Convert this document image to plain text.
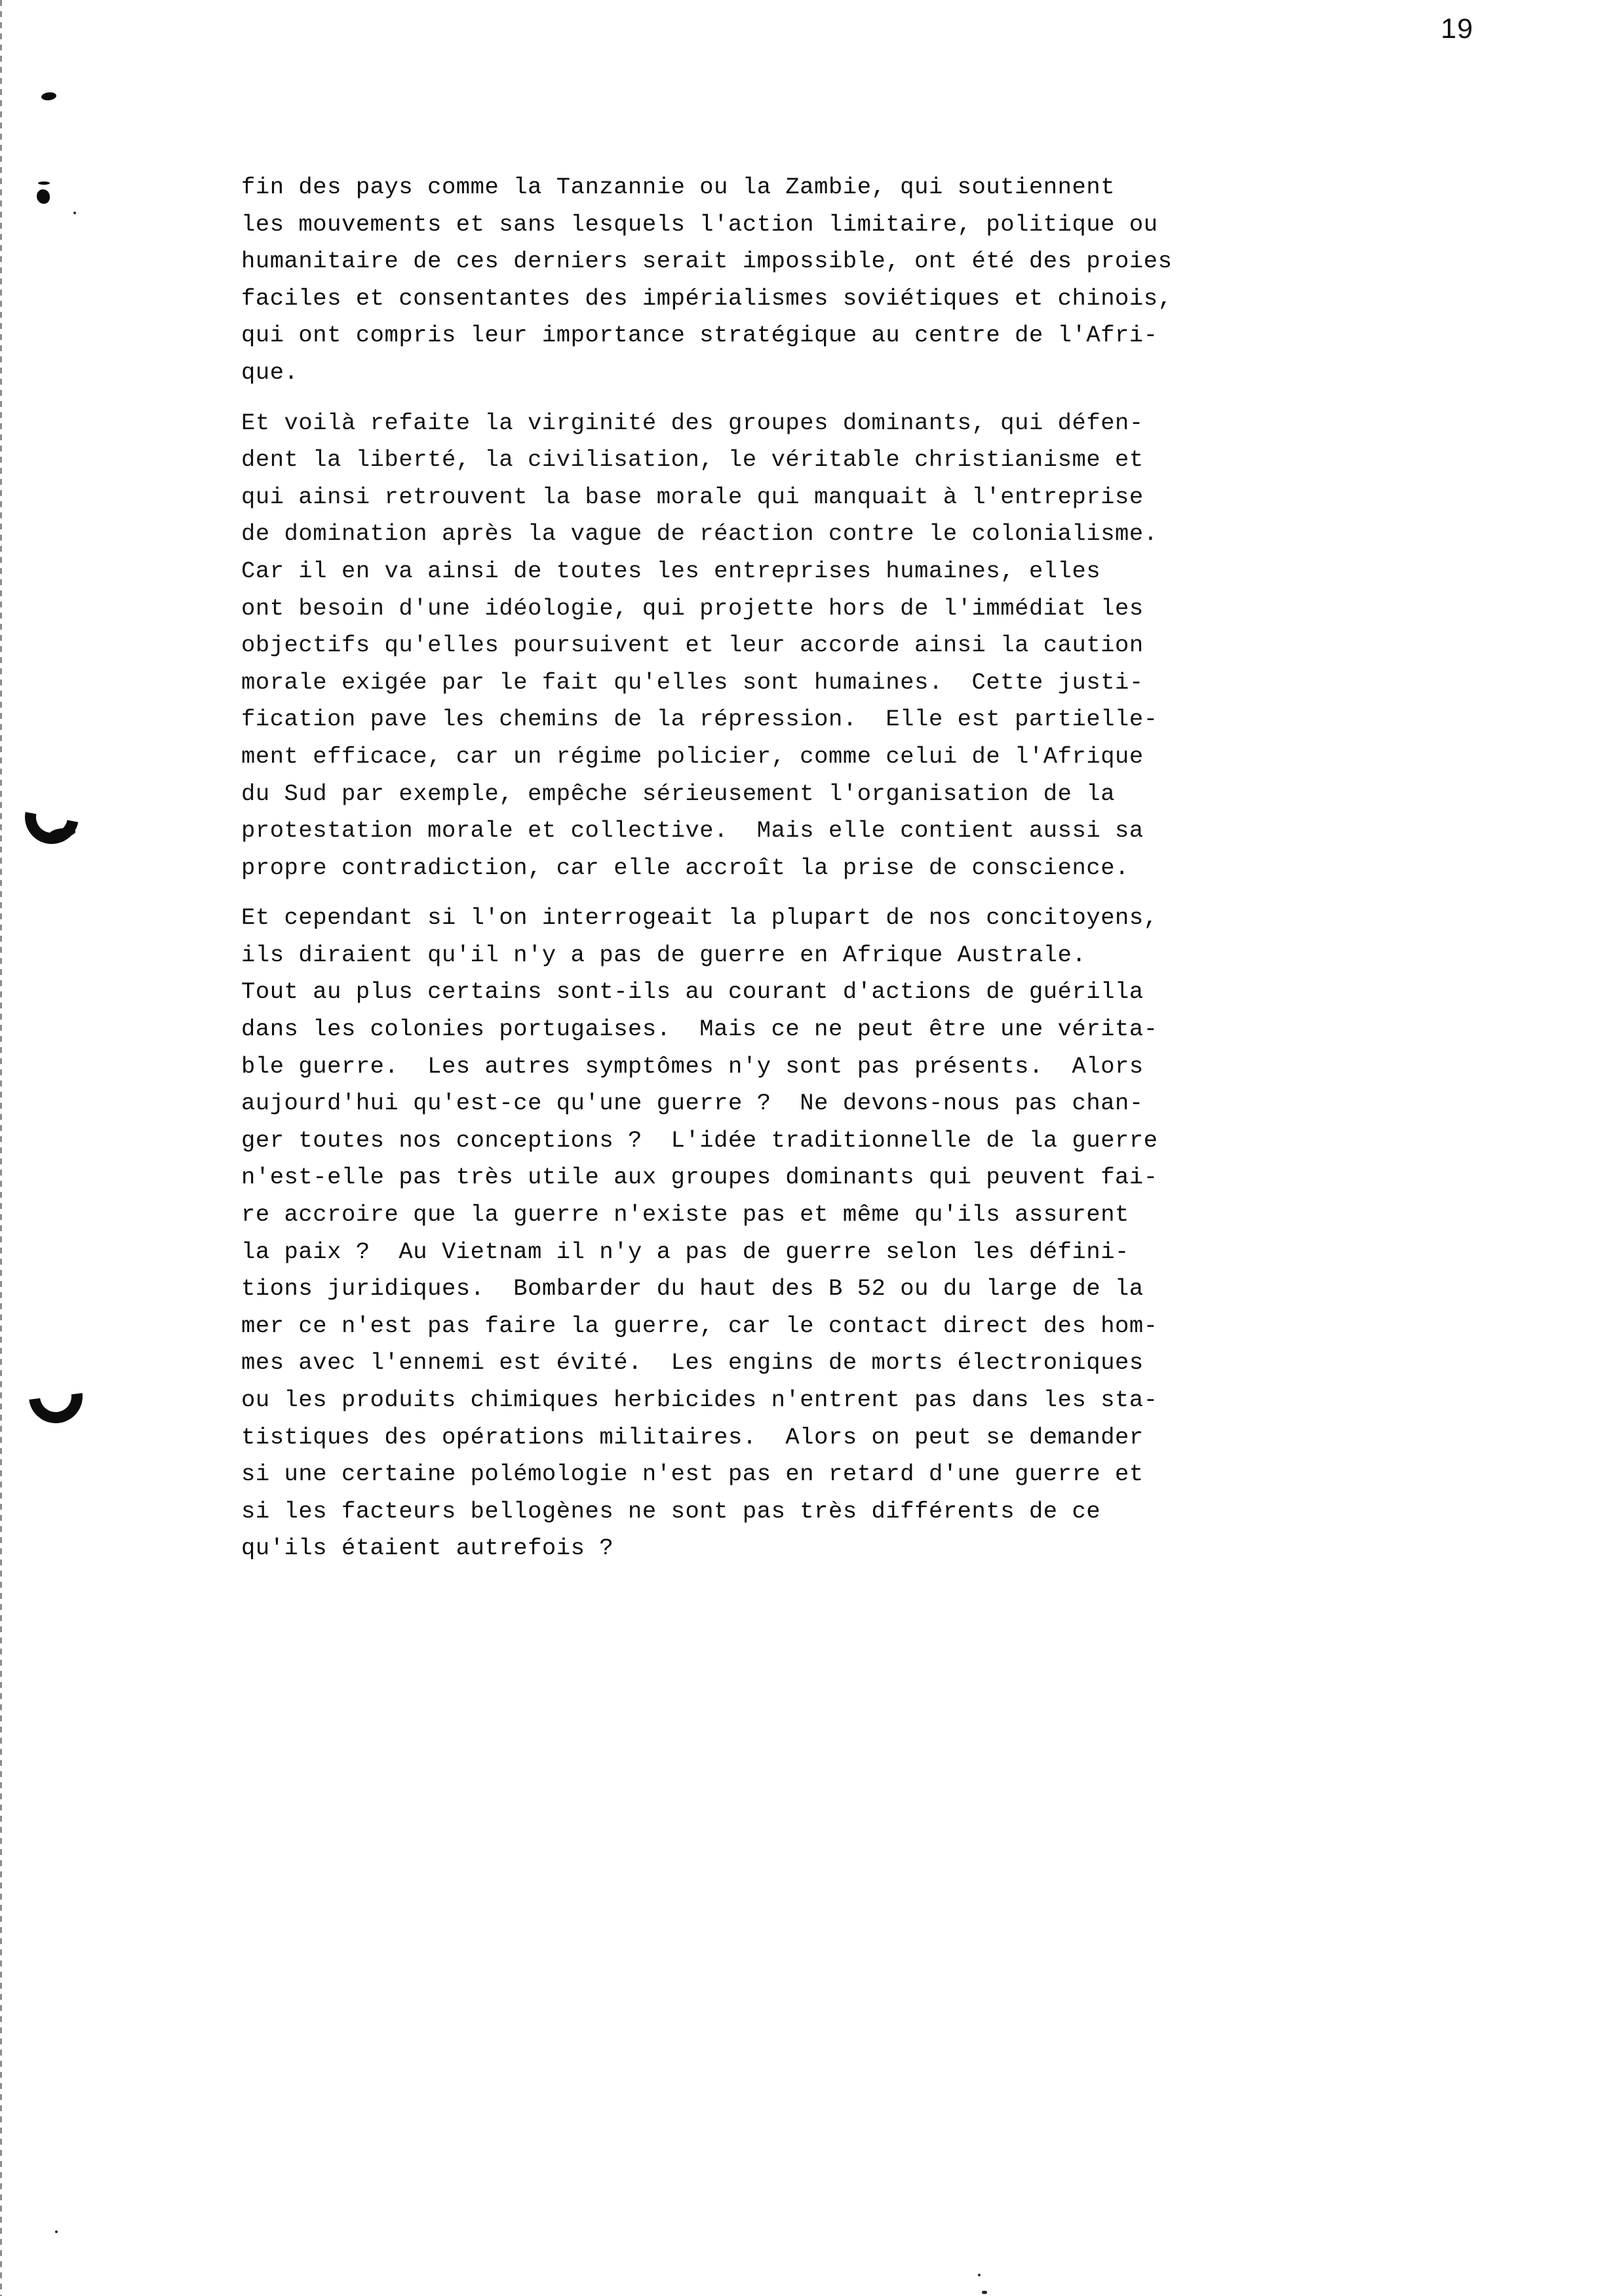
19
fin des pays comme la Tanzannie ou la Zambie, qui soutiennent
les mouvements et sans lesquels l'action limitaire, politique ou
humanitaire de ces derniers serait impossible, ont été des proies
faciles et consentantes des impérialismes soviétiques et chinois,
qui ont compris leur importance stratégique au centre de l'Afri-
que.
Et voilà refaite la virginité des groupes dominants, qui défen-
dent la liberté, la civilisation, le véritable christianisme et
qui ainsi retrouvent la base morale qui manquait à l'entreprise
de domination après la vague de réaction contre le colonialisme.
Car il en va ainsi de toutes les entreprises humaines, elles
ont besoin d'une idéologie, qui projette hors de l'immédiat les
objectifs qu'elles poursuivent et leur accorde ainsi la caution
morale exigée par le fait qu'elles sont humaines.  Cette justi-
fication pave les chemins de la répression.  Elle est partielle-
ment efficace, car un régime policier, comme celui de l'Afrique
du Sud par exemple, empêche sérieusement l'organisation de la
protestation morale et collective.  Mais elle contient aussi sa
propre contradiction, car elle accroît la prise de conscience.
Et cependant si l'on interrogeait la plupart de nos concitoyens,
ils diraient qu'il n'y a pas de guerre en Afrique Australe.
Tout au plus certains sont-ils au courant d'actions de guérilla
dans les colonies portugaises.  Mais ce ne peut être une vérita-
ble guerre.  Les autres symptômes n'y sont pas présents.  Alors
aujourd'hui qu'est-ce qu'une guerre ?  Ne devons-nous pas chan-
ger toutes nos conceptions ?  L'idée traditionnelle de la guerre
n'est-elle pas très utile aux groupes dominants qui peuvent fai-
re accroire que la guerre n'existe pas et même qu'ils assurent
la paix ?  Au Vietnam il n'y a pas de guerre selon les défini-
tions juridiques.  Bombarder du haut des B 52 ou du large de la
mer ce n'est pas faire la guerre, car le contact direct des hom-
mes avec l'ennemi est évité.  Les engins de morts électroniques
ou les produits chimiques herbicides n'entrent pas dans les sta-
tistiques des opérations militaires.  Alors on peut se demander
si une certaine polémologie n'est pas en retard d'une guerre et
si les facteurs bellogènes ne sont pas très différents de ce
qu'ils étaient autrefois ?
